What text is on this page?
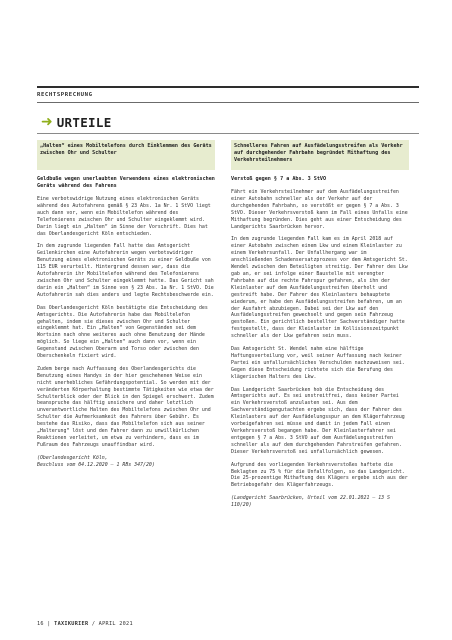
RECHTSPRECHUNG
➜ URTEILE
„Halten“ eines Mobiltelefons durch Einklemmen des Geräts zwischen Ohr und Schulter
Geldbuße wegen unerlaubten Verwendens eines elektronischen Geräts während des Fahrens
Eine verbotswidrige Nutzung eines elektronischen Geräts während des Autofahrens gemäß § 23 Abs. 1a Nr. 1 StVO liegt auch dann vor, wenn ein Mobiltelefon während des Telefonierens zwischen Ohr und Schulter eingeklemmt wird. Darin liegt ein „Halten“ im Sinne der Vorschrift. Dies hat das Oberlandesgericht Köln entschieden.
In dem zugrunde liegenden Fall hatte das Amtsgericht Geilenkirchen eine Autofahrerin wegen verbotswidriger Benutzung eines elektronischen Geräts zu einer Geldbuße von 115 EUR verurteilt. Hintergrund dessen war, dass die Autofahrerin ihr Mobiltelefon während des Telefonierens zwischen Ohr und Schulter eingeklemmt hatte. Das Gericht sah darin ein „Halten“ im Sinne von § 23 Abs. 1a Nr. 1 StVO. Die Autofahrerin sah dies anders und legte Rechtsbeschwerde ein.
Das Oberlandesgericht Köln bestätigte die Entscheidung des Amtsgerichts. Die Autofahrerin habe das Mobiltelefon gehalten, indem sie dieses zwischen Ohr und Schulter eingeklemmt hat. Ein „Halten“ von Gegenständen sei dem Wortsinn nach ohne weiteres auch ohne Benutzung der Hände möglich. So liege ein „Halten“ auch dann vor, wenn ein Gegenstand zwischen Oberarm und Torso oder zwischen den Oberschenkeln fixiert wird.
Zudem berge nach Auffassung des Oberlandesgerichts die Benutzung eines Handys in der hier geschehenen Weise ein nicht unerhebliches Gefährdungspotential. So werden mit der veränderten Körperhaltung bestimmte Tätigkeiten wie etwa der Schulterblick oder der Blick in den Spiegel erschwert. Zudem beanspruche das hälftig unsichere und daher letztlich unverantwortliche Halten des Mobiltelefons zwischen Ohr und Schulter die Aufmerksamkeit des Fahrers über Gebühr. Es bestehe das Risiko, dass das Mobiltelefon sich aus seiner „Halterung“ löst und den Fahrer dann zu unwillkürlichen Reaktionen verleitet, um etwa zu verhindern, dass es im Fußraum des Fahrzeugs unauffindbar wird.
(Oberlandesgericht Köln,
Beschluss vom 04.12.2020 – 1 RBs 347/20)
Schnelleres Fahren auf Ausfädelungsstreifen als Verkehr auf durchgehender Fahrbahn begründet Mithaftung des Verkehrsteilnehmers
Verstoß gegen § 7 a Abs. 3 StVO
Fährt ein Verkehrsteilnehmer auf dem Ausfädelungsstreifen einer Autobahn schneller als der Verkehr auf der durchgehenden Fahrbahn, so verstößt er gegen § 7 a Abs. 3 StVO. Dieser Verkehrsverstoß kann im Fall eines Unfalls eine Mithaftung begründen. Dies geht aus einer Entscheidung des Landgerichts Saarbrücken hervor.
In dem zugrunde liegenden Fall kam es im April 2018 auf einer Autobahn zwischen einem Lkw und einem Kleinlaster zu einem Verkehrsunfall. Der Unfallhergang war im anschließenden Schadensersatzprozess vor dem Amtsgericht St. Wendel zwischen den Beteiligten streitig. Der Fahrer des Lkw gab an, er sei infolge einer Baustelle mit verengter Fahrbahn auf die rechte Fahrspur gefahren, als ihn der Kleinlaster auf dem Ausfädelungsstreifen überholt und gestreift habe. Der Fahrer des Kleinlasters behauptete wiederum, er habe den Ausfädelungsstreifen befahren, um an der Ausfahrt abzubiegen. Dabei sei der Lkw auf den Ausfädelungsstreifen gewechselt und gegen sein Fahrzeug gestoßen. Ein gerichtlich bestellter Sachverständiger hatte festgestellt, dass der Kleinlaster im Kollisionszeitpunkt schneller als der Lkw gefahren sein muss.
Das Amtsgericht St. Wendel nahm eine hälftige Haftungsverteilung vor, weil seiner Auffassung nach keiner Partei ein unfallursächliches Verschulden nachzuweisen sei. Gegen diese Entscheidung richtete sich die Berufung des klägerischen Halters des Lkw.
Das Landgericht Saarbrücken hob die Entscheidung des Amtsgerichts auf. Es sei unstreitfrei, dass keiner Partei ein Verkehrsverstoß anzulasten sei. Aus dem Sachverständigengutachten ergebe sich, dass der Fahrer des Kleinlasters auf der Ausfädelungsspur an dem Klägerfahrzeug vorbeigefahren sei müsse und damit in jedem Fall einen Verkehrsverstoß begangen habe. Der Kleinlasterfahrer sei entgegen § 7 a Abs. 3 StVO auf dem Ausfädelungsstreifen schneller als auf dem durchgehenden Fahrstreifen gefahren. Dieser Verkehrsverstoß sei unfallursächlich gewesen.
Aufgrund des vorliegenden Verkehrsverstoßes haftete die Beklagten zu 75 % für die Unfallfolgen, so das Landgericht. Die 25-prozentige Mithaftung des Klägers ergebe sich aus der Betriebsgefahr des Klägerfahrzeugs.
(Landgericht Saarbrücken, Urteil vom 22.01.2021 – 13 S 110/20)
16 | TAXIKURIER / APRIL 2021
